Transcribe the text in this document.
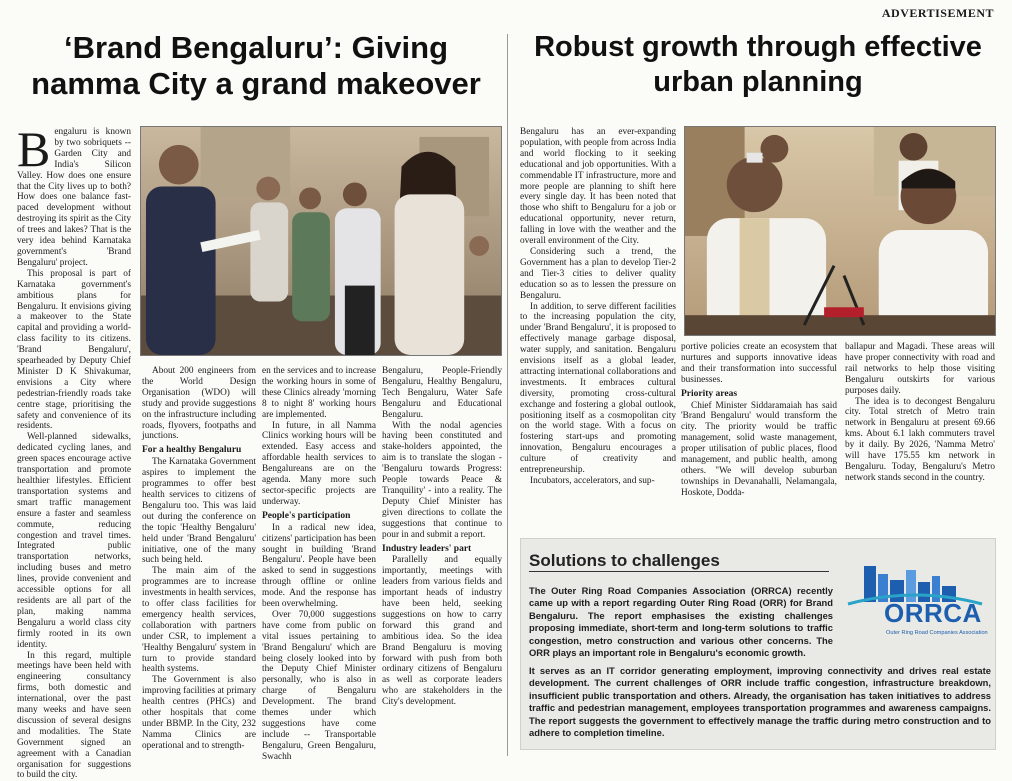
ADVERTISEMENT
‘Brand Bengaluru’: Giving namma City a grand makeover
Robust growth through effective urban planning

Bengaluru is known by two sobriquets -- Garden City and India's Silicon Valley. How does one ensure that the City lives up to both? How does one balance fast-paced development without destroying its spirit as the City of trees and lakes? That is the very idea behind Karnataka government's 'Brand Bengaluru' project.

This proposal is part of Karnataka government's ambitious plans for Bengaluru. It envisions giving a makeover to the State capital and providing a world-class facility to its citizens. 'Brand Bengaluru', spearheaded by Deputy Chief Minister D K Shivakumar, envisions a City where pedestrian-friendly roads take centre stage, prioritising the safety and convenience of its residents.

Well-planned sidewalks, dedicated cycling lanes, and green spaces encourage active transportation and promote healthier lifestyles. Efficient transportation systems and smart traffic management ensure a faster and seamless commute, reducing congestion and travel times. Integrated public transportation networks, including buses and metro lines, provide convenient and accessible options for all residents are all part of the plan, making namma Bengaluru a world class city firmly rooted in its own identity.

In this regard, multiple meetings have been held with engineering consultancy firms, both domestic and international, over the past many weeks and have seen discussion of several designs and modalities. The State Government signed an agreement with a Canadian organisation for suggestions to build the city.

About 200 engineers from the World Design Organisation (WDO) will study and provide suggestions on the infrastructure including roads, flyovers, footpaths and junctions.

For a healthy Bengaluru

The Karnataka Government aspires to implement the programmes to offer best health services to citizens of Bengaluru too. This was laid out during the conference on the topic 'Healthy Bengaluru' held under 'Brand Bengaluru' initiative, one of the many such being held.

The main aim of the programmes are to increase investments in health services, to offer class facilities for emergency health services, collaboration with partners under CSR, to implement a 'Healthy Bengaluru' system in turn to provide standard health systems.

The Government is also improving facilities at primary health centres (PHCs) and other hospitals that come under BBMP. In the City, 232 Namma Clinics are operational and to strength-

en the services and to increase the working hours in some of these Clinics already 'morning 8 to night 8' working hours are implemented.

In future, in all Namma Clinics working hours will be extended. Easy access and affordable health services to Bengalureans are on the agenda. Many more such sector-specific projects are underway.

People's participation

In a radical new idea, citizens' participation has been sought in building 'Brand Bengaluru'. People have been asked to send in suggestions through offline or online mode. And the response has been overwhelming.

Over 70,000 suggestions have come from public on vital issues pertaining to 'Brand Bengaluru' which are being closely looked into by the Deputy Chief Minister personally, who is also in charge of Bengaluru Development. The brand themes under which suggestions have come include -- Transportable Bengaluru, Green Bengaluru, Swachh

Bengaluru, People-Friendly Bengaluru, Healthy Bengaluru, Tech Bengaluru, Water Safe Bengaluru and Educational Bengaluru.

With the nodal agencies having been constituted and stake-holders appointed, the aim is to translate the slogan - 'Bengaluru towards Progress: People towards Peace & Tranquility' - into a reality. The Deputy Chief Minister has given directions to collate the suggestions that continue to pour in and submit a report.

Industry leaders' part

Parallelly and equally importantly, meetings with leaders from various fields and important heads of industry have been held, seeking suggestions on how to carry forward this grand and ambitious idea. So the idea Brand Bengaluru is moving forward with push from both ordinary citizens of Bengaluru as well as corporate leaders who are stakeholders in the City's development.

Bengaluru has an ever-expanding population, with people from across India and world flocking to it seeking educational and job opportunities. With a commendable IT infrastructure, more and more people are planning to shift here every single day. It has been noted that those who shift to Bengaluru for a job or educational opportunity, never return, falling in love with the weather and the overall environment of the City.

Considering such a trend, the Government has a plan to develop Tier-2 and Tier-3 cities to deliver quality education so as to lessen the pressure on Bengaluru.

In addition, to serve different facilities to the increasing population the city, under 'Brand Bengaluru', it is proposed to effectively manage garbage disposal, water supply, and sanitation. Bengaluru envisions itself as a global leader, attracting international collaborations and investments. It embraces cultural diversity, promoting cross-cultural exchange and fostering a global outlook, positioning itself as a cosmopolitan city on the world stage. With a focus on fostering start-ups and promoting innovation, Bengaluru encourages a culture of creativity and entrepreneurship.

Incubators, accelerators, and sup-

portive policies create an ecosystem that nurtures and supports innovative ideas and their transformation into successful businesses.

Priority areas

Chief Minister Siddaramaiah has said 'Brand Bengaluru' would transform the city. The priority would be traffic management, solid waste management, proper utilisation of public places, flood management, and public health, among others. "We will develop suburban townships in Devanahalli, Nelamangala, Hoskote, Dodda-

ballapur and Magadi. These areas will have proper connectivity with road and rail networks to help those visiting Bengaluru outskirts for various purposes daily.

The idea is to decongest Bengaluru city. Total stretch of Metro train network in Bengaluru at present 69.66 kms. About 6.1 lakh commuters travel by it daily. By 2026, 'Namma Metro' will have 175.55 km network in Bengaluru. Today, Bengaluru's Metro network stands second in the country.

Solutions to challenges
The Outer Ring Road Companies Association (ORRCA) recently came up with a report regarding Outer Ring Road (ORR) for Brand Bengaluru. The report emphasises the existing challenges proposing immediate, short-term and long-term solutions to traffic congestion, metro construction and various other concerns. The ORR plays an important role in Bengaluru's economic growth.
It serves as an IT corridor generating employment, improving connectivity and drives real estate development. The current challenges of ORR include traffic congestion, infrastructure breakdown, insufficient public transportation and others. Already, the organisation has taken initiatives to address traffic and pedestrian management, employees transportation programmes and awareness campaigns. The report suggests the government to effectively manage the traffic during metro construction and to adhere to completion timeline.
ORRCA
Outer Ring Road Companies Association
